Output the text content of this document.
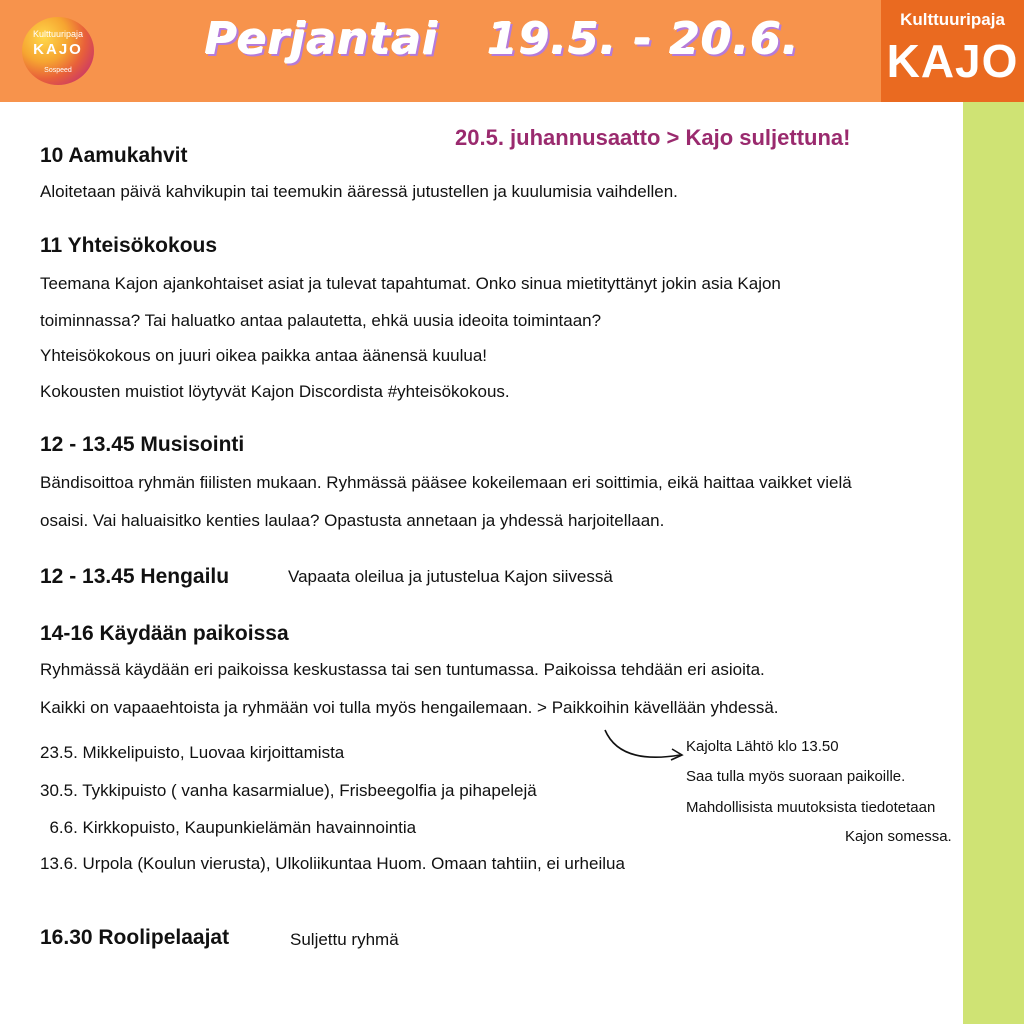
Kulttuuripaja
KAJO
Sospeed
Perjantai   19.5. - 20.6.	Kulttuuripaja
KAJO
20.5. juhannusaatto > Kajo suljettuna!
10 Aamukahvit
Aloitetaan päivä kahvikupin tai teemukin ääressä jutustellen ja kuulumisia vaihdellen.
11 Yhteisökokous
Teemana Kajon ajankohtaiset asiat ja tulevat tapahtumat. Onko sinua mietityttänyt jokin asia Kajon
toiminnassa? Tai haluatko antaa palautetta, ehkä uusia ideoita toimintaan?
Yhteisökokous on juuri oikea paikka antaa äänensä kuulua!
Kokousten muistiot löytyvät Kajon Discordista #yhteisökokous.
12 - 13.45 Musisointi
Bändisoittoa ryhmän fiilisten mukaan. Ryhmässä pääsee kokeilemaan eri soittimia, eikä haittaa vaikket vielä
osaisi. Vai haluaisitko kenties laulaa? Opastusta annetaan ja yhdessä harjoitellaan.
12 - 13.45 Hengailu	Vapaata oleilua ja jutustelua Kajon siivessä
14-16 Käydään paikoissa
Ryhmässä käydään eri paikoissa keskustassa tai sen tuntumassa. Paikoissa tehdään eri asioita.
Kaikki on vapaaehtoista ja ryhmään voi tulla myös hengailemaan. > Paikkoihin kävellään yhdessä.
23.5. Mikkelipuisto, Luovaa kirjoittamista
30.5. Tykkipuisto ( vanha kasarmialue), Frisbeegolfia ja pihapelejä
6.6. Kirkkopuisto, Kaupunkielämän havainnointia
13.6. Urpola (Koulun vierusta), Ulkoliikuntaa Huom. Omaan tahtiin, ei urheilua
Kajolta Lähtö klo 13.50
Saa tulla myös suoraan paikoille.
Mahdollisista muutoksista tiedotetaan
Kajon somessa.
16.30 Roolipelaajat	Suljettu ryhmä
